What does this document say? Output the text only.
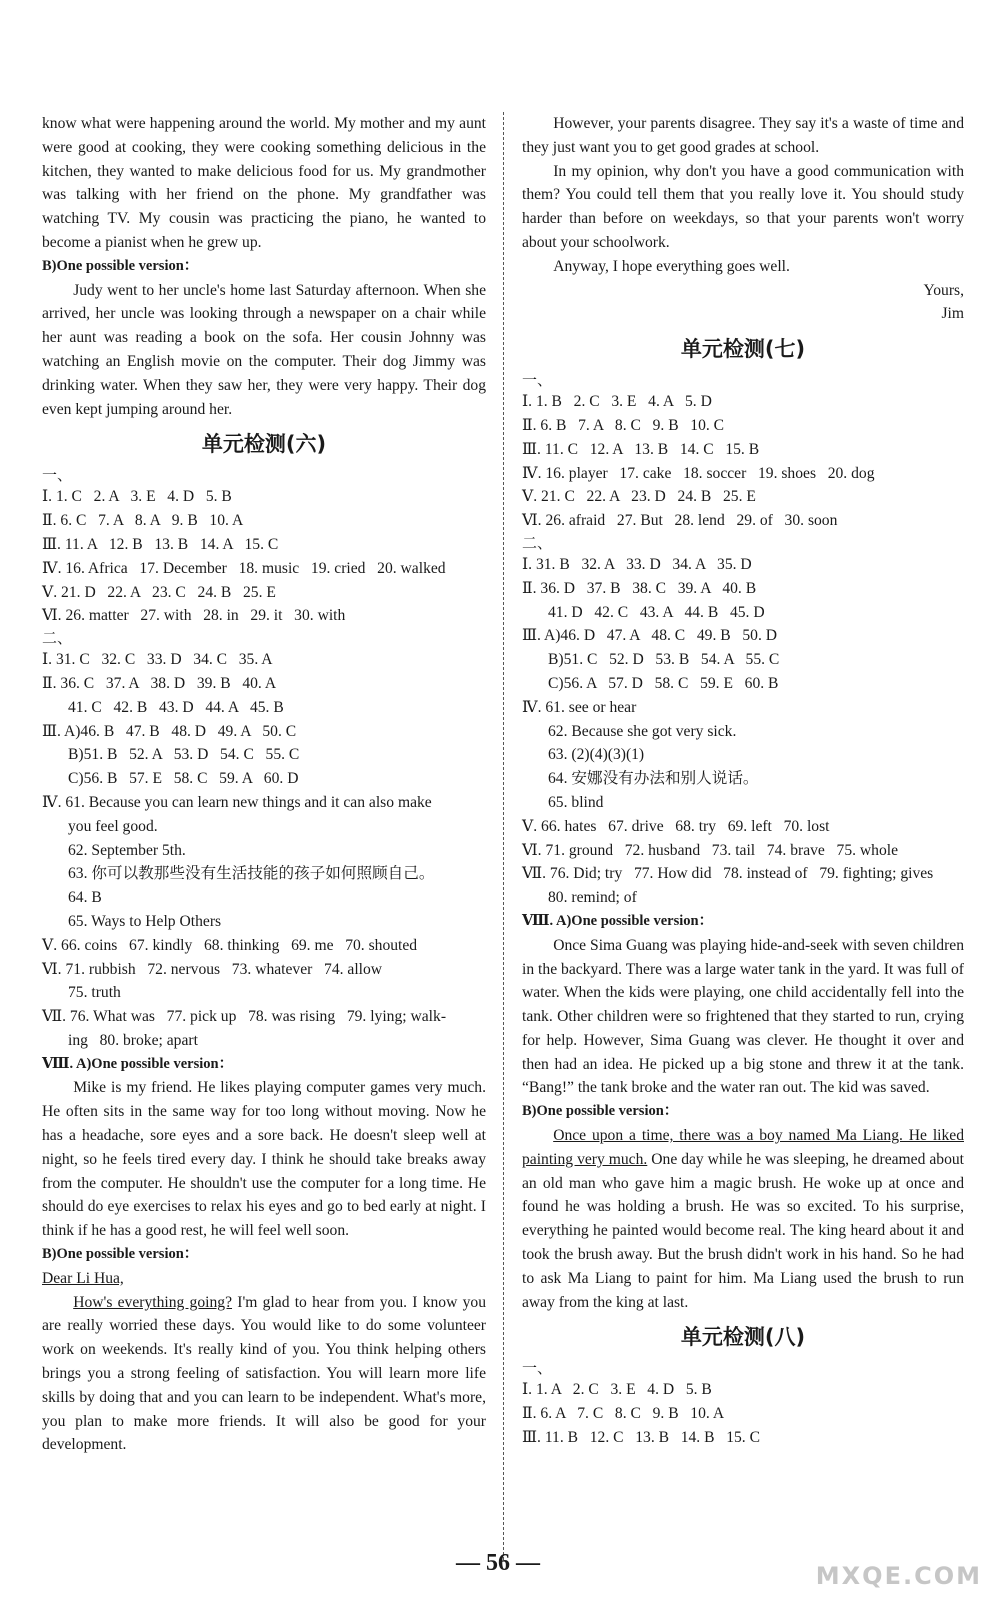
know what were happening around the world. My mother and my aunt were good at cooking, they were cooking something delicious in the kitchen, they wanted to make delicious food for us. My grandmother was talking with her friend on the phone. My grandfather was watching TV. My cousin was practicing the piano, he wanted to become a pianist when he grew up.

B)One possible version：

Judy went to her uncle's home last Saturday afternoon. When she arrived, her uncle was looking through a newspaper on a chair while her aunt was reading a book on the sofa. Her cousin Johnny was watching an English movie on the computer. Their dog Jimmy was drinking water. When they saw her, they were very happy. Their dog even kept jumping around her.

单元检测(六)

一、

Ⅰ. 1. C   2. A   3. E   4. D   5. B

Ⅱ. 6. C   7. A   8. A   9. B   10. A

Ⅲ. 11. A   12. B   13. B   14. A   15. C

Ⅳ. 16. Africa   17. December   18. music   19. cried   20. walked

Ⅴ. 21. D   22. A   23. C   24. B   25. E

Ⅵ. 26. matter   27. with   28. in   29. it   30. with

二、

Ⅰ. 31. C   32. C   33. D   34. C   35. A

Ⅱ. 36. C   37. A   38. D   39. B   40. A

41. C   42. B   43. D   44. A   45. B

Ⅲ. A)46. B   47. B   48. D   49. A   50. C

B)51. B   52. A   53. D   54. C   55. C

C)56. B   57. E   58. C   59. A   60. D

Ⅳ. 61. Because you can learn new things and it can also make

you feel good.

62. September 5th.

63. 你可以教那些没有生活技能的孩子如何照顾自己。

64. B

65. Ways to Help Others

Ⅴ. 66. coins   67. kindly   68. thinking   69. me   70. shouted

Ⅵ. 71. rubbish   72. nervous   73. whatever   74. allow

75. truth

Ⅶ. 76. What was   77. pick up   78. was rising   79. lying; walk-

ing   80. broke; apart

Ⅷ. A)One possible version：

Mike is my friend. He likes playing computer games very much. He often sits in the same way for too long without moving. Now he has a headache, sore eyes and a sore back. He doesn't sleep well at night, so he feels tired every day. I think he should take breaks away from the computer. He shouldn't use the computer for a long time. He should do eye exercises to relax his eyes and go to bed early at night. I think if he has a good rest, he will feel well soon.

B)One possible version：

Dear Li Hua,

How's everything going? I'm glad to hear from you. I know you are really worried these days. You would like to do some volunteer work on weekends. It's really kind of you. You think helping others brings you a strong feeling of satisfaction. You will learn more life skills by doing that and you can learn to be independent. What's more, you plan to make more friends. It will also be good for your development.

However, your parents disagree. They say it's a waste of time and they just want you to get good grades at school.

In my opinion, why don't you have a good communication with them? You could tell them that you really love it. You should study harder than before on weekdays, so that your parents won't worry about your schoolwork.

Anyway, I hope everything goes well.

Yours,

Jim

单元检测(七)

一、

Ⅰ. 1. B   2. C   3. E   4. A   5. D

Ⅱ. 6. B   7. A   8. C   9. B   10. C

Ⅲ. 11. C   12. A   13. B   14. C   15. B

Ⅳ. 16. player   17. cake   18. soccer   19. shoes   20. dog

Ⅴ. 21. C   22. A   23. D   24. B   25. E

Ⅵ. 26. afraid   27. But   28. lend   29. of   30. soon

二、

Ⅰ. 31. B   32. A   33. D   34. A   35. D

Ⅱ. 36. D   37. B   38. C   39. A   40. B

41. D   42. C   43. A   44. B   45. D

Ⅲ. A)46. D   47. A   48. C   49. B   50. D

B)51. C   52. D   53. B   54. A   55. C

C)56. A   57. D   58. C   59. E   60. B

Ⅳ. 61. see or hear

62. Because she got very sick.

63. (2)(4)(3)(1)

64. 安娜没有办法和别人说话。

65. blind

Ⅴ. 66. hates   67. drive   68. try   69. left   70. lost

Ⅵ. 71. ground   72. husband   73. tail   74. brave   75. whole

Ⅶ. 76. Did; try   77. How did   78. instead of   79. fighting; gives

80. remind; of

Ⅷ. A)One possible version：

Once Sima Guang was playing hide-and-seek with seven children in the backyard. There was a large water tank in the yard. It was full of water. When the kids were playing, one child accidentally fell into the tank. Other children were so frightened that they started to run, crying for help. However, Sima Guang was clever. He thought it over and then had an idea. He picked up a big stone and threw it at the tank. “Bang!” the tank broke and the water ran out. The kid was saved.

B)One possible version：

Once upon a time, there was a boy named Ma Liang. He liked painting very much. One day while he was sleeping, he dreamed about an old man who gave him a magic brush. He woke up at once and found he was holding a brush. He was so excited. To his surprise, everything he painted would become real. The king heard about it and took the brush away. But the brush didn't work in his hand. So he had to ask Ma Liang to paint for him. Ma Liang used the brush to run away from the king at last.

单元检测(八)

一、

Ⅰ. 1. A   2. C   3. E   4. D   5. B

Ⅱ. 6. A   7. C   8. C   9. B   10. A

Ⅲ. 11. B   12. C   13. B   14. B   15. C

— 56 —	MXQE.COM
